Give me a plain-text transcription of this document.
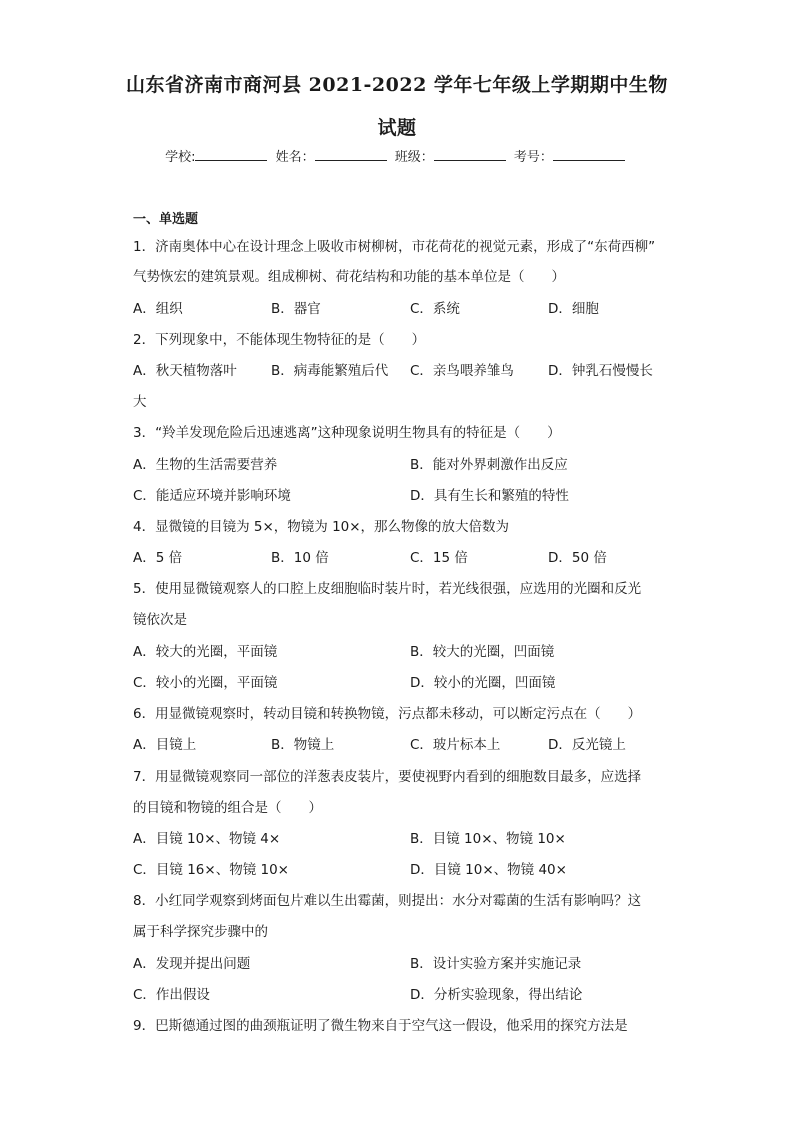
山东省济南市商河县 2021-2022 学年七年级上学期期中生物
试题
学校:	姓名：	班级：	考号：
一、单选题
1．济南奥体中心在设计理念上吸收市树柳树，市花荷花的视觉元素，形成了“东荷西柳”
气势恢宏的建筑景观。组成柳树、荷花结构和功能的基本单位是（　　）
A．组织	B．器官	C．系统	D．细胞
2．下列现象中，不能体现生物特征的是（　　）
A．秋天植物落叶	B．病毒能繁殖后代 C．亲鸟喂养雏鸟	D．钟乳石慢慢长
大
3．“羚羊发现危险后迅速逃离”这种现象说明生物具有的特征是（　　）
A．生物的生活需要营养	B．能对外界刺激作出反应
C．能适应环境并影响环境	D．具有生长和繁殖的特性
4．显微镜的目镜为 5×，物镜为 10×，那么物像的放大倍数为
A．5 倍	B．10 倍	C．15 倍	D．50 倍
5．使用显微镜观察人的口腔上皮细胞临时装片时，若光线很强，应选用的光圈和反光
镜依次是
A．较大的光圈，平面镜	B．较大的光圈，凹面镜
C．较小的光圈，平面镜	D．较小的光圈，凹面镜
6．用显微镜观察时，转动目镜和转换物镜，污点都未移动，可以断定污点在（　　）
A．目镜上	B．物镜上	C．玻片标本上	D．反光镜上
7．用显微镜观察同一部位的洋葱表皮装片，要使视野内看到的细胞数目最多，应选择
的目镜和物镜的组合是（　　）
A．目镜 10×、物镜 4×	B．目镜 10×、物镜 10×
C．目镜 16×、物镜 10×	D．目镜 10×、物镜 40×
8．小红同学观察到烤面包片难以生出霉菌，则提出：水分对霉菌的生活有影响吗？这
属于科学探究步骤中的
A．发现并提出问题	B．设计实验方案并实施记录
C．作出假设	D．分析实验现象，得出结论
9．巴斯德通过图的曲颈瓶证明了微生物来自于空气这一假设，他采用的探究方法是
